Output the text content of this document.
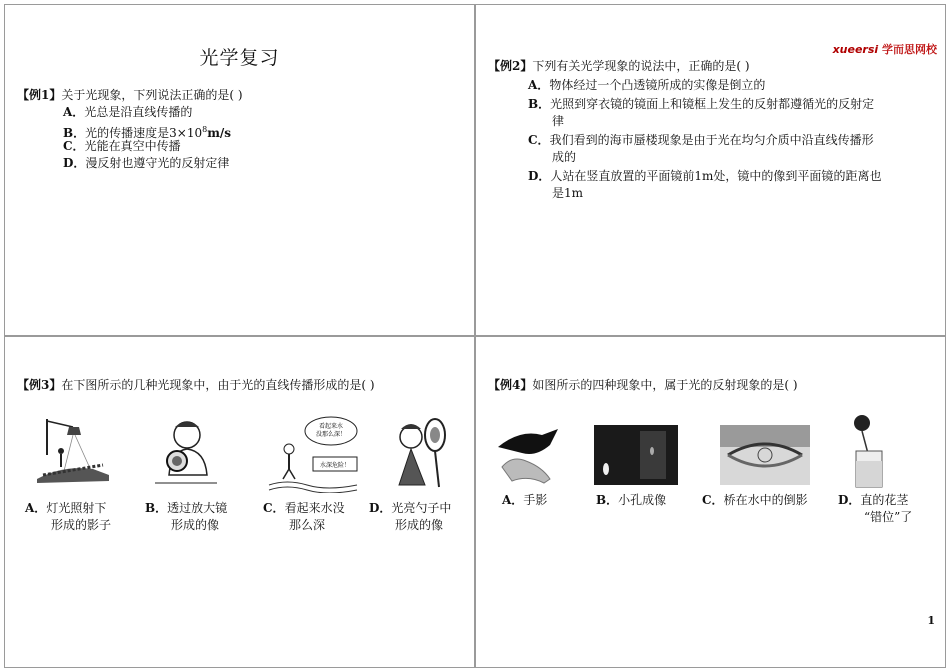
光学复习
【例1】关于光现象，下列说法正确的是( )
A．光总是沿直线传播的
B．光的传播速度是$3\times 10^8m/s$
C．光能在真空中传播
D．漫反射也遵守光的反射定律
xueersi 学而思网校
【例2】下列有关光学现象的说法中，正确的是( )
A．物体经过一个凸透镜所成的实像是倒立的
B．光照到穿衣镜的镜面上和镜框上发生的反射都遵循光的反射定
律
C．我们看到的海市蜃楼现象是由于光在均匀介质中沿直线传播形
成的
D．人站在竖直放置的平面镜前1m处，镜中的像到平面镜的距离也
是1m
【例3】在下图所示的几种光现象中，由于光的直线传播形成的是( )
看起来水
没那么深！
水深危险！
A．灯光照射下
形成的影子
B．透过放大镜
形成的像
C．看起来水没
那么深
D．光亮勺子中
形成的像
【例4】如图所示的四种现象中，属于光的反射现象的是( )
A．手影	B．小孔成像	C．桥在水中的倒影	D．直的花茎
“错位”了
1
